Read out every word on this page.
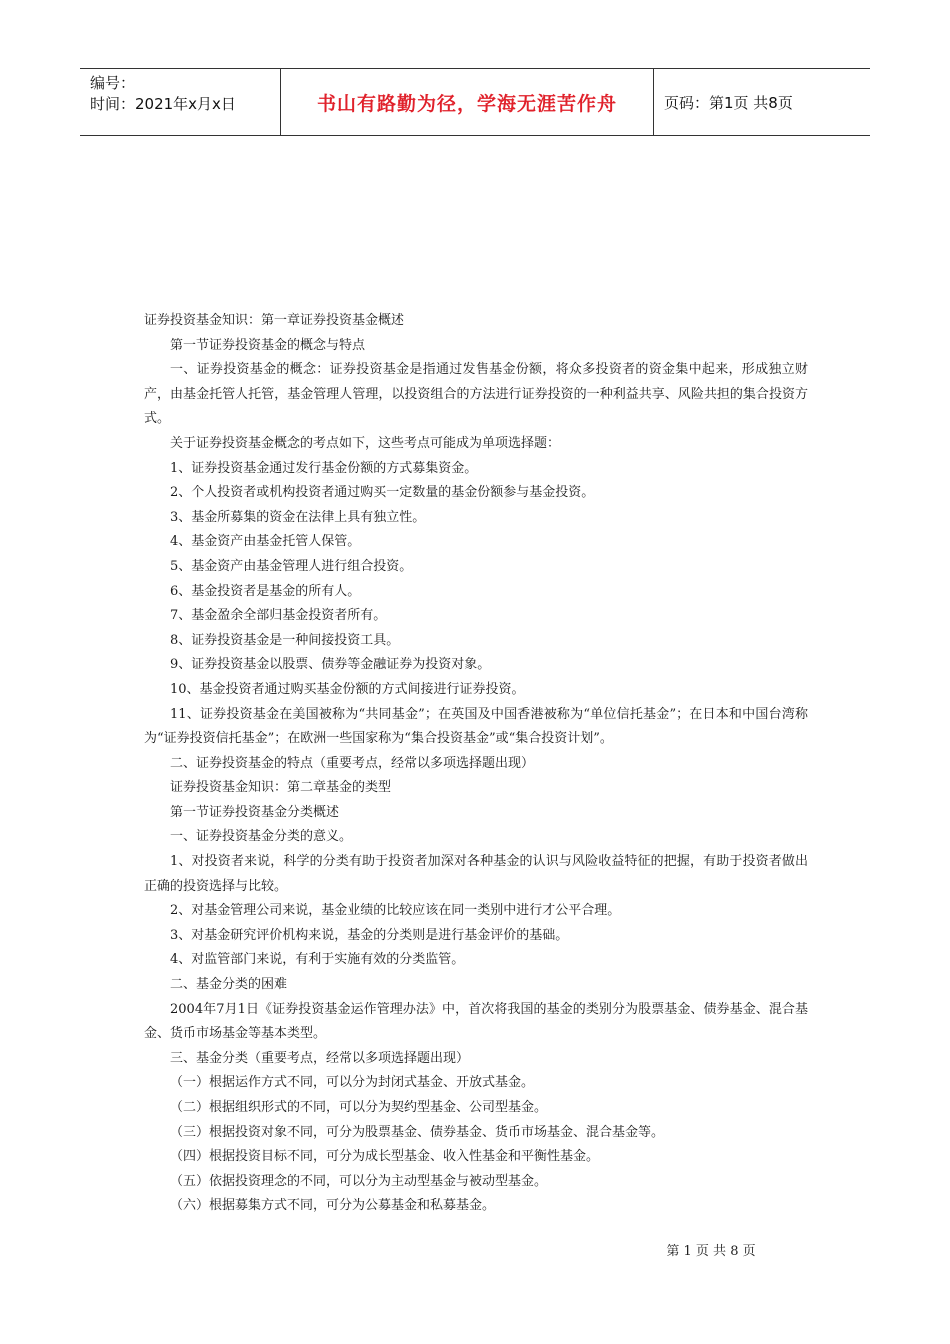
编号：
时间：2021年x月x日	书山有路勤为径，学海无涯苦作舟	页码：第1页 共8页

证券投资基金知识：第一章证券投资基金概述

第一节证券投资基金的概念与特点

一、证券投资基金的概念：证券投资基金是指通过发售基金份额，将众多投资者的资金集中起来，形成独立财产，由基金托管人托管，基金管理人管理，以投资组合的方法进行证券投资的一种利益共享、风险共担的集合投资方式。

关于证券投资基金概念的考点如下，这些考点可能成为单项选择题：

1、证券投资基金通过发行基金份额的方式募集资金。

2、个人投资者或机构投资者通过购买一定数量的基金份额参与基金投资。

3、基金所募集的资金在法律上具有独立性。

4、基金资产由基金托管人保管。

5、基金资产由基金管理人进行组合投资。

6、基金投资者是基金的所有人。

7、基金盈余全部归基金投资者所有。

8、证券投资基金是一种间接投资工具。

9、证券投资基金以股票、债券等金融证券为投资对象。

10、基金投资者通过购买基金份额的方式间接进行证券投资。

11、证券投资基金在美国被称为“共同基金”；在英国及中国香港被称为“单位信托基金”；在日本和中国台湾称为“证券投资信托基金”；在欧洲一些国家称为“集合投资基金”或“集合投资计划”。

二、证券投资基金的特点（重要考点，经常以多项选择题出现）

证券投资基金知识：第二章基金的类型

第一节证券投资基金分类概述

一、证券投资基金分类的意义。

1、对投资者来说，科学的分类有助于投资者加深对各种基金的认识与风险收益特征的把握，有助于投资者做出正确的投资选择与比较。

2、对基金管理公司来说，基金业绩的比较应该在同一类别中进行才公平合理。

3、对基金研究评价机构来说，基金的分类则是进行基金评价的基础。

4、对监管部门来说，有利于实施有效的分类监管。

二、基金分类的困难

2004年7月1日《证券投资基金运作管理办法》中，首次将我国的基金的类别分为股票基金、债券基金、混合基金、货币市场基金等基本类型。

三、基金分类（重要考点，经常以多项选择题出现）

（一）根据运作方式不同，可以分为封闭式基金、开放式基金。

（二）根据组织形式的不同，可以分为契约型基金、公司型基金。

（三）根据投资对象不同，可分为股票基金、债券基金、货币市场基金、混合基金等。

（四）根据投资目标不同，可分为成长型基金、收入性基金和平衡性基金。

（五）依据投资理念的不同，可以分为主动型基金与被动型基金。

（六）根据募集方式不同，可分为公募基金和私募基金。

第 1 页 共 8 页
